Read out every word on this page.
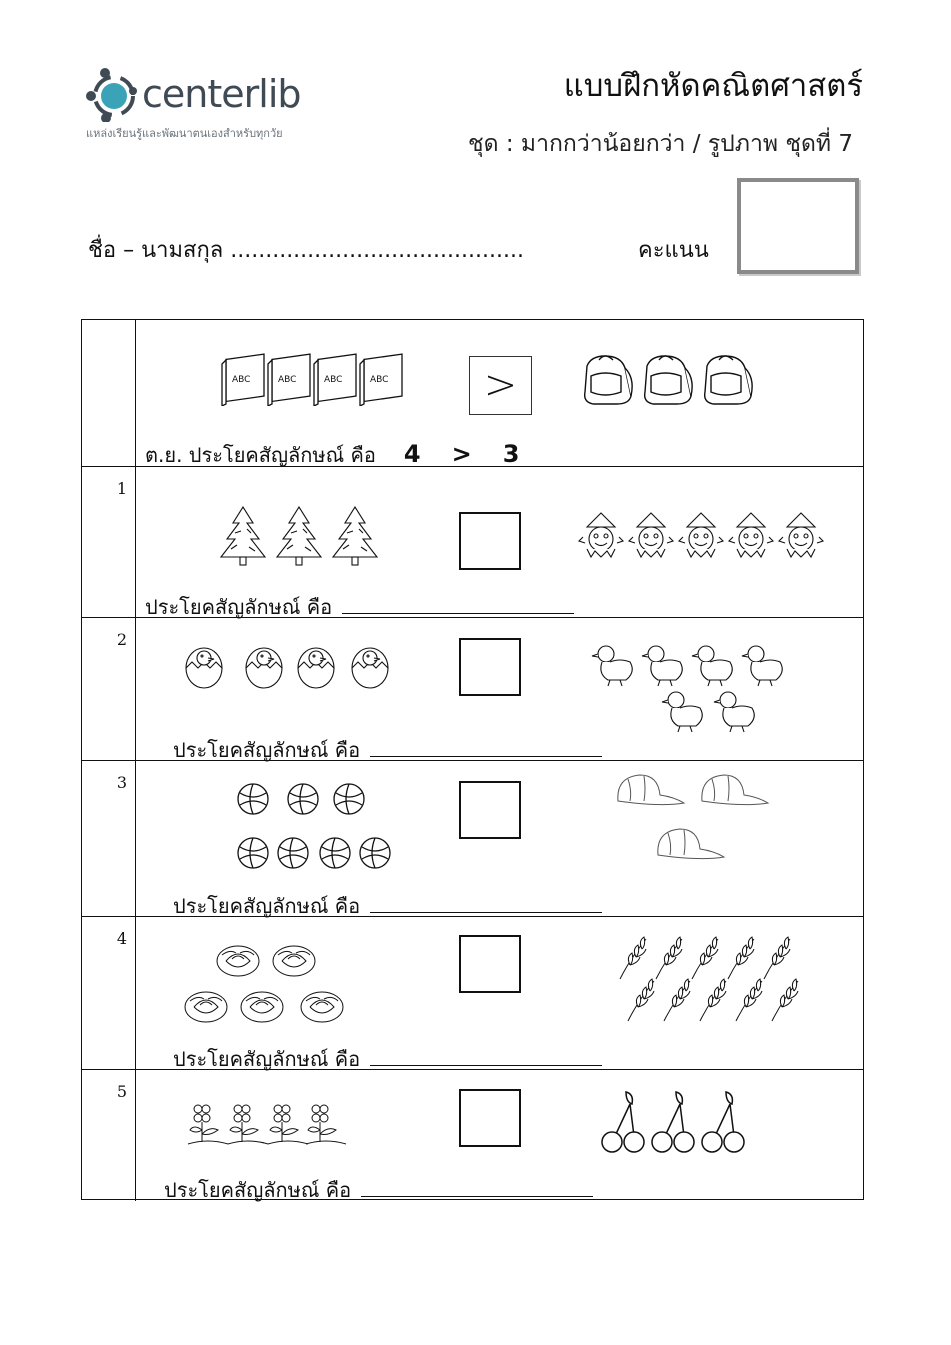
centerlib
แหล่งเรียนรู้และพัฒนาตนเองสำหรับทุกวัย
แบบฝึกหัดคณิตศาสตร์
ชุด : มากกว่าน้อยกว่า / รูปภาพ ชุดที่ 7
ชื่อ – นามสกุล ..........................................	คะแนน
ABC	ABC	ABC	ABC	>
ต.ย. ประโยคสัญลักษณ์ คือ 4 > 3
1
ประโยคสัญลักษณ์ คือ
2
ประโยคสัญลักษณ์ คือ
3
ประโยคสัญลักษณ์ คือ
4
ประโยคสัญลักษณ์ คือ
5
ประโยคสัญลักษณ์ คือ
